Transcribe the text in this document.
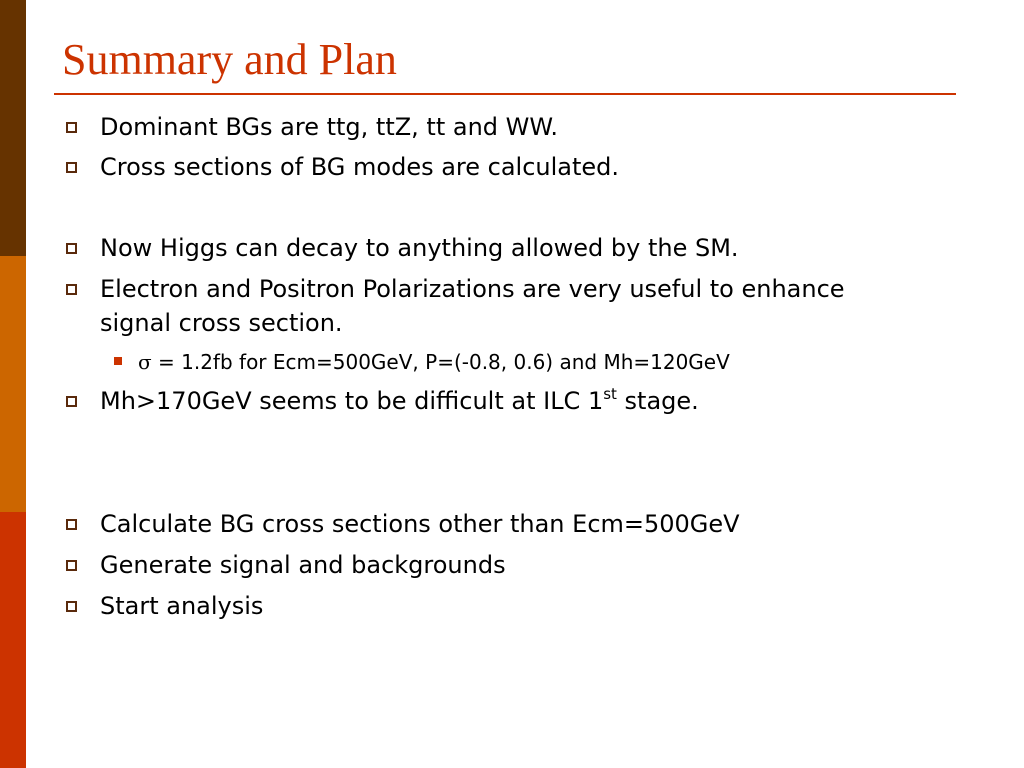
Summary and Plan
Dominant BGs are ttg, ttZ, tt and WW.
Cross sections of BG modes are calculated.
Now Higgs can decay to anything allowed by the SM.
Electron and Positron Polarizations are very useful to enhance signal cross section.
σ = 1.2fb for Ecm=500GeV, P=(-0.8, 0.6) and Mh=120GeV
Mh>170GeV seems to be difficult at ILC 1st stage.
Calculate BG cross sections other than Ecm=500GeV
Generate signal and backgrounds
Start analysis
